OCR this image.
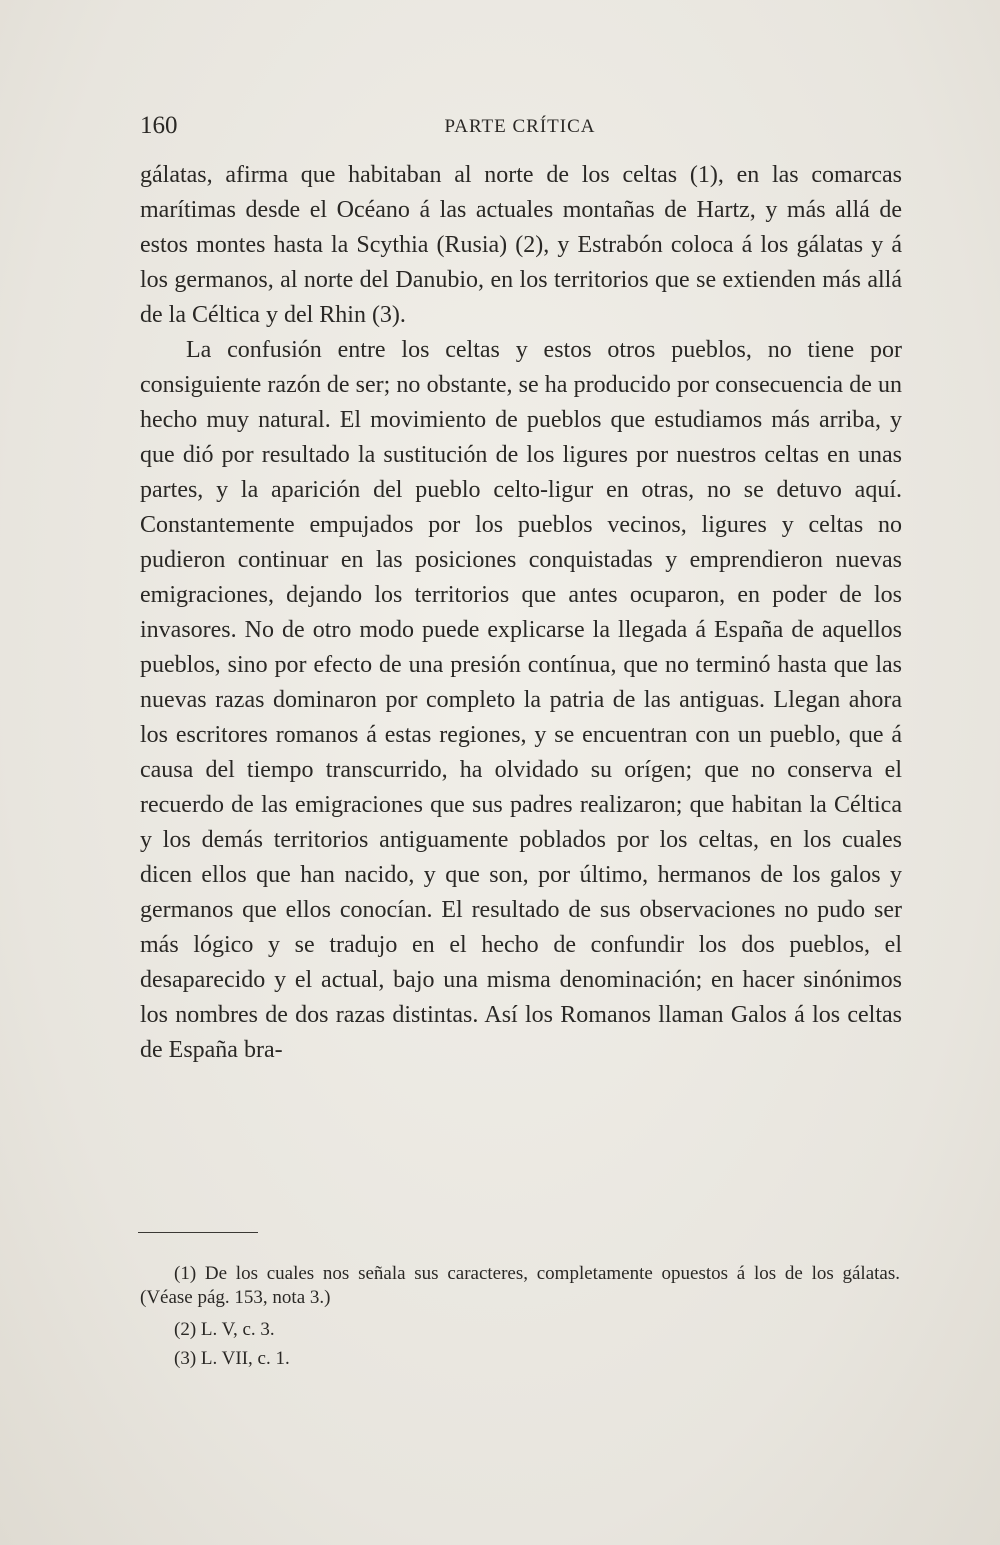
160	PARTE CRÍTICA

gálatas, afirma que habitaban al norte de los celtas (1), en las comarcas marítimas desde el Océano á las actuales montañas de Hartz, y más allá de estos montes hasta la Scythia (Rusia) (2), y Estrabón coloca á los gálatas y á los germanos, al norte del Danubio, en los territorios que se extienden más allá de la Céltica y del Rhin (3).

La confusión entre los celtas y estos otros pueblos, no tiene por consiguiente razón de ser; no obstante, se ha producido por consecuencia de un hecho muy natural. El movimiento de pueblos que estudiamos más arriba, y que dió por resultado la sustitución de los ligures por nuestros celtas en unas partes, y la aparición del pueblo celto-ligur en otras, no se detuvo aquí. Constantemente empujados por los pueblos vecinos, ligures y celtas no pudieron continuar en las posiciones conquistadas y emprendieron nuevas emigraciones, dejando los territorios que antes ocuparon, en poder de los invasores. No de otro modo puede explicarse la llegada á España de aquellos pueblos, sino por efecto de una presión contínua, que no terminó hasta que las nuevas razas dominaron por completo la patria de las antiguas. Llegan ahora los escritores romanos á estas regiones, y se encuentran con un pueblo, que á causa del tiempo transcurrido, ha olvidado su orígen; que no conserva el recuerdo de las emigraciones que sus padres realizaron; que habitan la Céltica y los demás territorios antiguamente poblados por los celtas, en los cuales dicen ellos que han nacido, y que son, por último, hermanos de los galos y germanos que ellos conocían. El resultado de sus observaciones no pudo ser más lógico y se tradujo en el hecho de confundir los dos pueblos, el desaparecido y el actual, bajo una misma denominación; en hacer sinónimos los nombres de dos razas distintas. Así los Romanos llaman Galos á los celtas de España bra-

(1) De los cuales nos señala sus caracteres, completamente opuestos á los de los gálatas. (Véase pág. 153, nota 3.)

(2) L. V, c. 3.

(3) L. VII, c. 1.
